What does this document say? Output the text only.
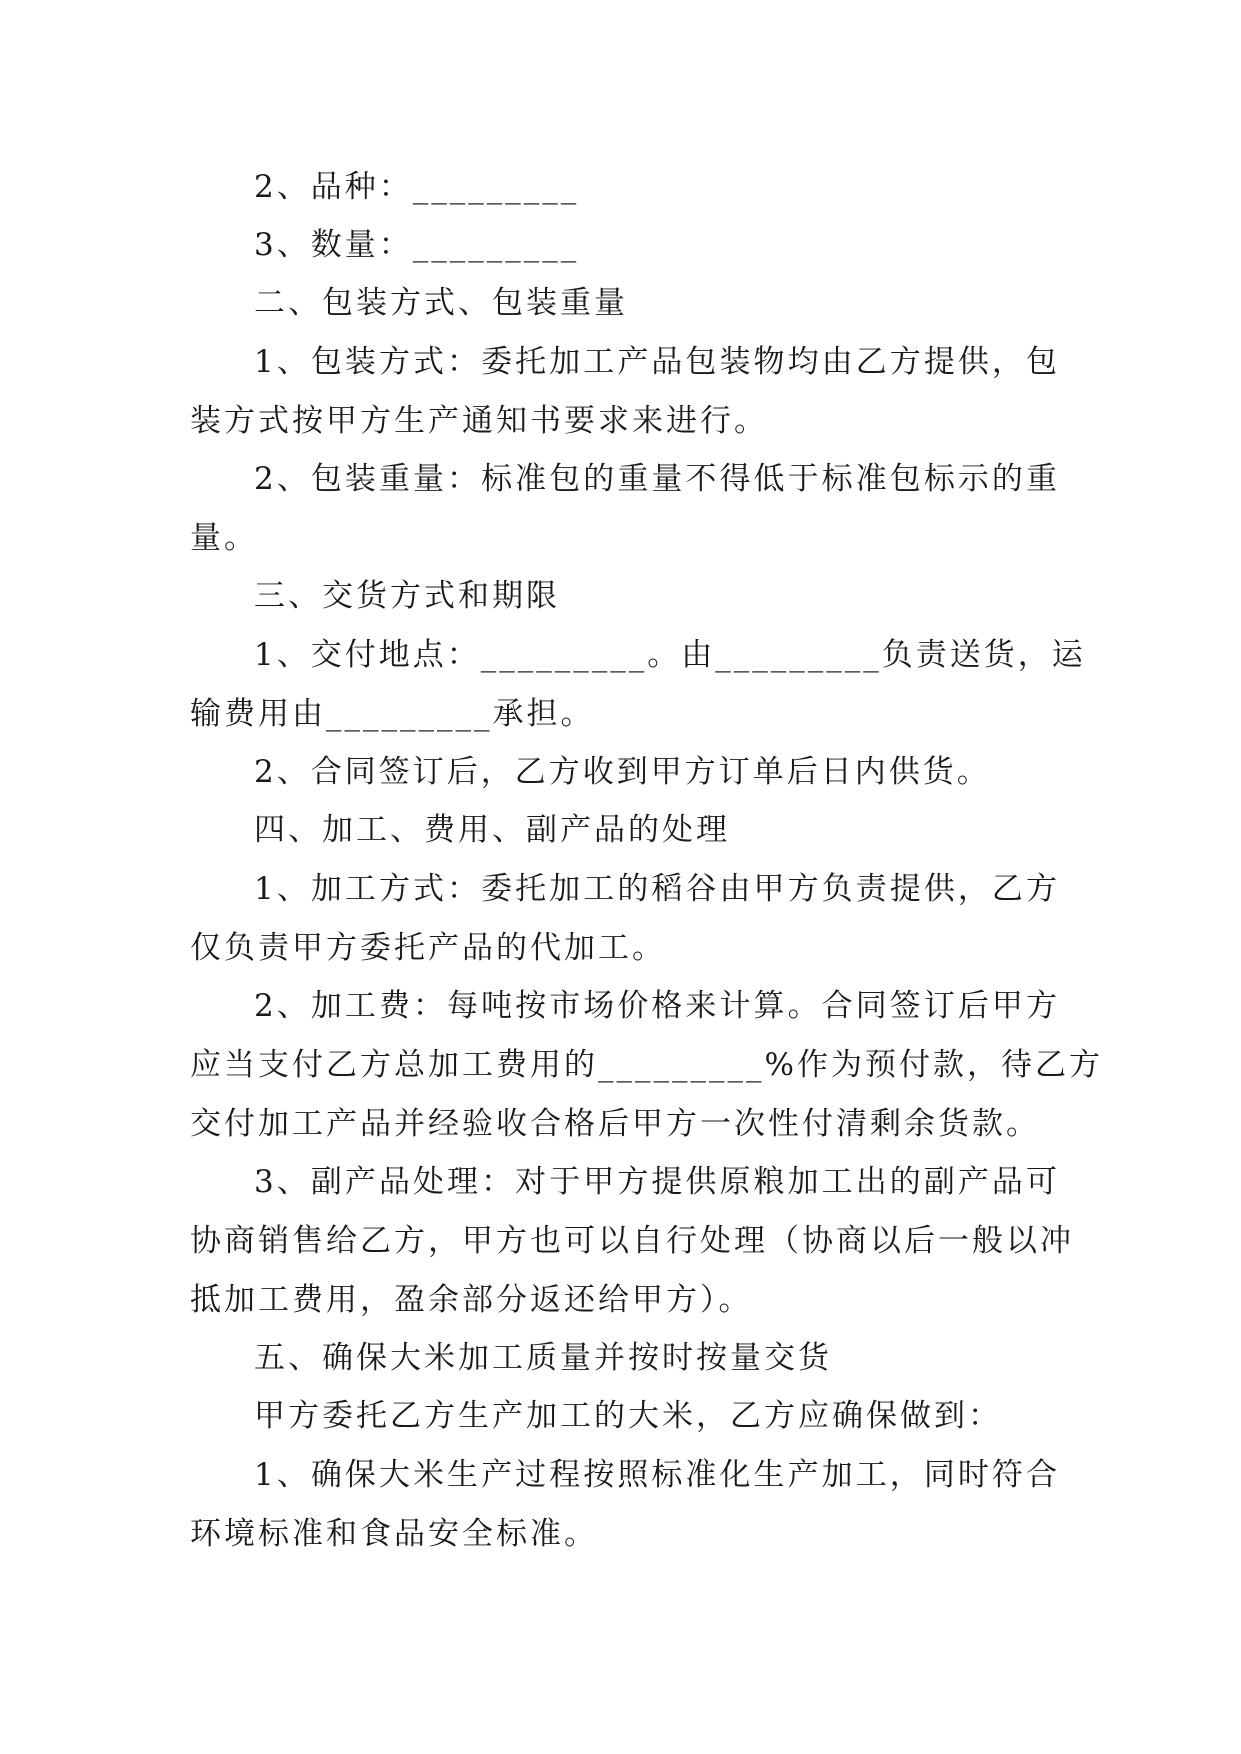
2、品种：_________
3、数量：_________
二、包装方式、包装重量
1、包装方式：委托加工产品包装物均由乙方提供，包
装方式按甲方生产通知书要求来进行。
2、包装重量：标准包的重量不得低于标准包标示的重
量。
三、交货方式和期限
1、交付地点：_________。由_________负责送货，运
输费用由_________承担。
2、合同签订后，乙方收到甲方订单后日内供货。
四、加工、费用、副产品的处理
1、加工方式：委托加工的稻谷由甲方负责提供，乙方
仅负责甲方委托产品的代加工。
2、加工费：每吨按市场价格来计算。合同签订后甲方
应当支付乙方总加工费用的_________%作为预付款，待乙方
交付加工产品并经验收合格后甲方一次性付清剩余货款。
3、副产品处理：对于甲方提供原粮加工出的副产品可
协商销售给乙方，甲方也可以自行处理（协商以后一般以冲
抵加工费用，盈余部分返还给甲方）。
五、确保大米加工质量并按时按量交货
甲方委托乙方生产加工的大米，乙方应确保做到：
1、确保大米生产过程按照标准化生产加工，同时符合
环境标准和食品安全标准。
